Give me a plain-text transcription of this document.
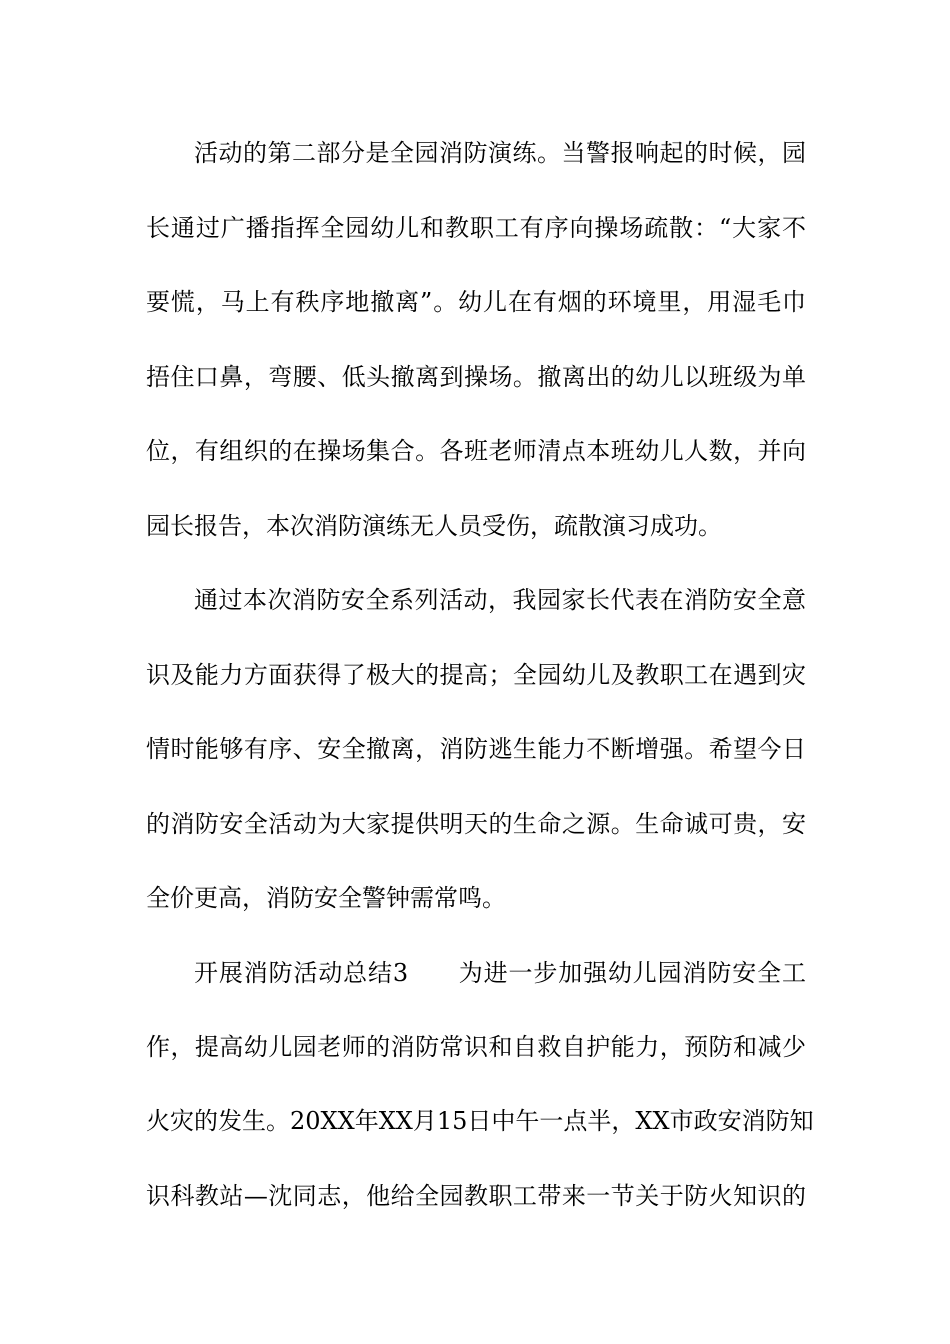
活动的第二部分是全园消防演练。当警报响起的时候，园
长通过广播指挥全园幼儿和教职工有序向操场疏散：“大家不
要慌，马上有秩序地撤离”。幼儿在有烟的环境里，用湿毛巾
捂住口鼻，弯腰、低头撤离到操场。撤离出的幼儿以班级为单
位，有组织的在操场集合。各班老师清点本班幼儿人数，并向
园长报告，本次消防演练无人员受伤，疏散演习成功。
通过本次消防安全系列活动，我园家长代表在消防安全意
识及能力方面获得了极大的提高；全园幼儿及教职工在遇到灾
情时能够有序、安全撤离，消防逃生能力不断增强。希望今日
的消防安全活动为大家提供明天的生命之源。生命诚可贵，安
全价更高，消防安全警钟需常鸣。
开展消防活动总结3　　为进一步加强幼儿园消防安全工
作，提高幼儿园老师的消防常识和自救自护能力，预防和减少
火灾的发生。20XX年XX月15日中午一点半，XX市政安消防知
识科教站—沈同志，他给全园教职工带来一节关于防火知识的
